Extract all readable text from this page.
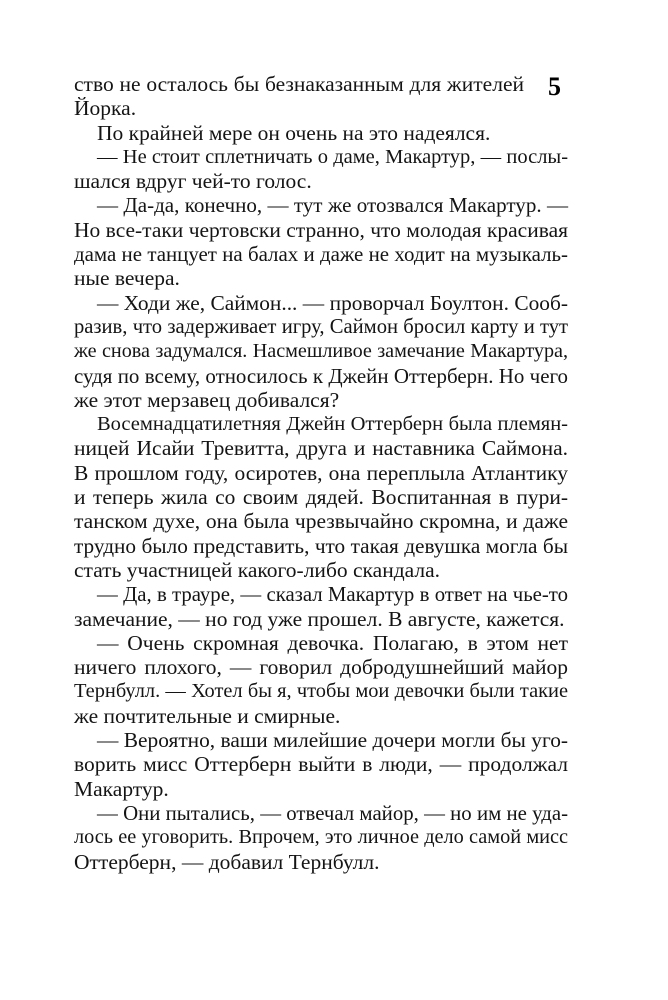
5
ство не осталось бы безнаказанным для жителей
Йорка.
По крайней мере он очень на это надеялся.
— Не стоит сплетничать о даме, Макартур, — послы-
шался вдруг чей-то голос.
— Да-да, конечно, — тут же отозвался Макартур. —
Но все-таки чертовски странно, что молодая красивая
дама не танцует на балах и даже не ходит на музыкаль-
ные вечера.
— Ходи же, Саймон... — проворчал Боултон. Сооб-
разив, что задерживает игру, Саймон бросил карту и тут
же снова задумался. Насмешливое замечание Макартура,
судя по всему, относилось к Джейн Оттерберн. Но чего
же этот мерзавец добивался?
Восемнадцатилетняя Джейн Оттерберн была племян-
ницей Исайи Тревитта, друга и наставника Саймона.
В прошлом году, осиротев, она переплыла Атлантику
и теперь жила со своим дядей. Воспитанная в пури-
танском духе, она была чрезвычайно скромна, и даже
трудно было представить, что такая девушка могла бы
стать участницей какого-либо скандала.
— Да, в трауре, — сказал Макартур в ответ на чье-то
замечание, — но год уже прошел. В августе, кажется.
— Очень скромная девочка. Полагаю, в этом нет
ничего плохого, — говорил добродушнейший майор
Тернбулл. — Хотел бы я, чтобы мои девочки были такие
же почтительные и смирные.
— Вероятно, ваши милейшие дочери могли бы уго-
ворить мисс Оттерберн выйти в люди, — продолжал
Макартур.
— Они пытались, — отвечал майор, — но им не уда-
лось ее уговорить. Впрочем, это личное дело самой мисс
Оттерберн, — добавил Тернбулл.
